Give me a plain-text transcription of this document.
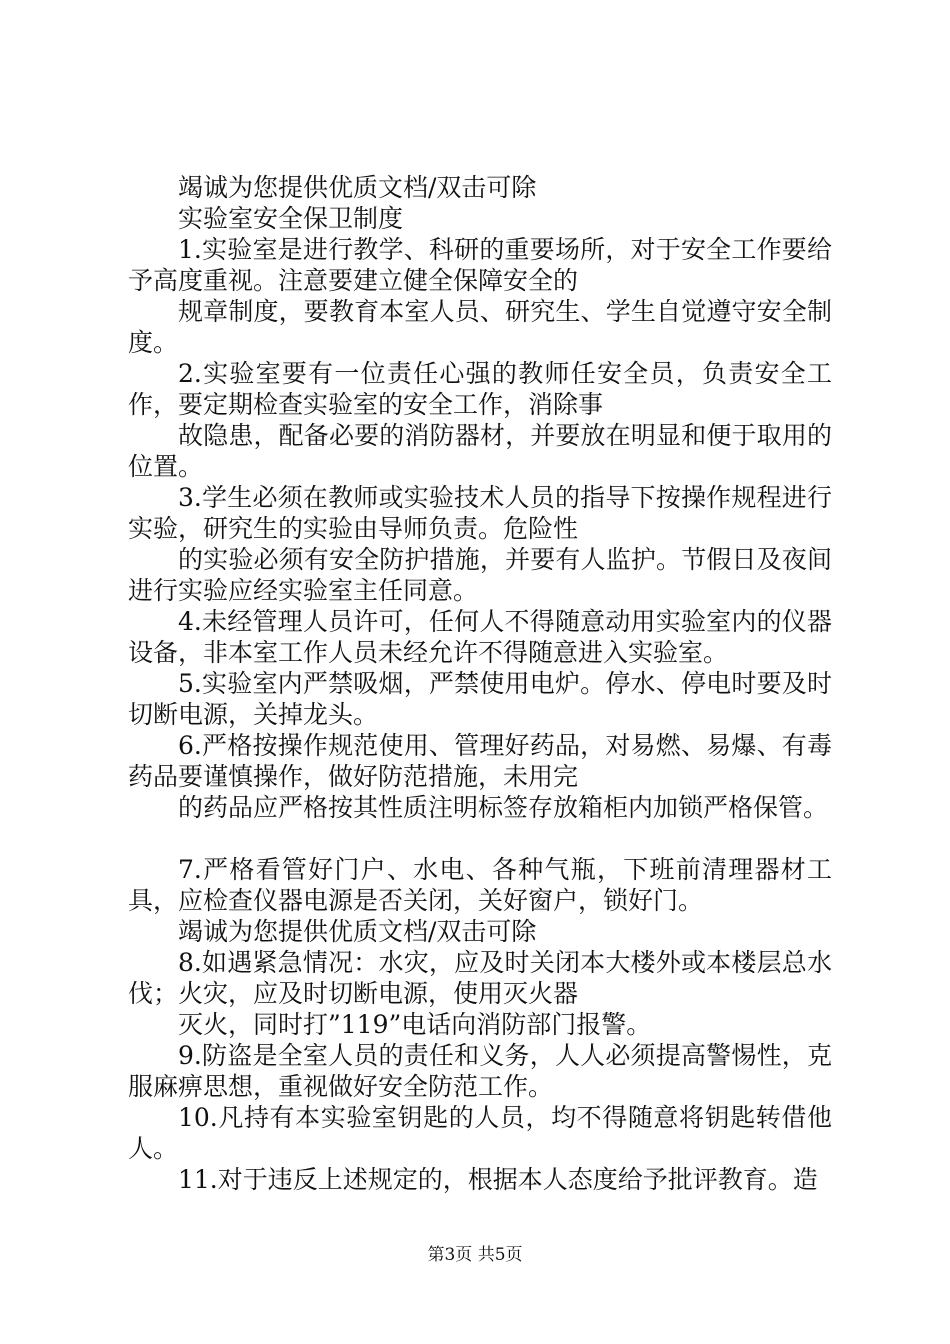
竭诚为您提供优质文档/双击可除

实验室安全保卫制度

1.实验室是进行教学、科研的重要场所，对于安全工作要给予高度重视。注意要建立健全保障安全的

规章制度，要教育本室人员、研究生、学生自觉遵守安全制度。

2.实验室要有一位责任心强的教师任安全员，负责安全工作，要定期检查实验室的安全工作，消除事

故隐患，配备必要的消防器材，并要放在明显和便于取用的位置。

3.学生必须在教师或实验技术人员的指导下按操作规程进行实验，研究生的实验由导师负责。危险性

的实验必须有安全防护措施，并要有人监护。节假日及夜间进行实验应经实验室主任同意。

4.未经管理人员许可，任何人不得随意动用实验室内的仪器设备，非本室工作人员未经允许不得随意进入实验室。

5.实验室内严禁吸烟，严禁使用电炉。停水、停电时要及时切断电源，关掉龙头。

6.严格按操作规范使用、管理好药品，对易燃、易爆、有毒药品要谨慎操作，做好防范措施，未用完

的药品应严格按其性质注明标签存放箱柜内加锁严格保管。

7.严格看管好门户、水电、各种气瓶，下班前清理器材工具，应检查仪器电源是否关闭，关好窗户，锁好门。

竭诚为您提供优质文档/双击可除

8.如遇紧急情况：水灾，应及时关闭本大楼外或本楼层总水伐；火灾，应及时切断电源，使用灭火器

灭火，同时打”119”电话向消防部门报警。

9.防盗是全室人员的责任和义务，人人必须提高警惕性，克服麻痹思想，重视做好安全防范工作。

10.凡持有本实验室钥匙的人员，均不得随意将钥匙转借他人。

11.对于违反上述规定的，根据本人态度给予批评教育。造

第3页 共5页
